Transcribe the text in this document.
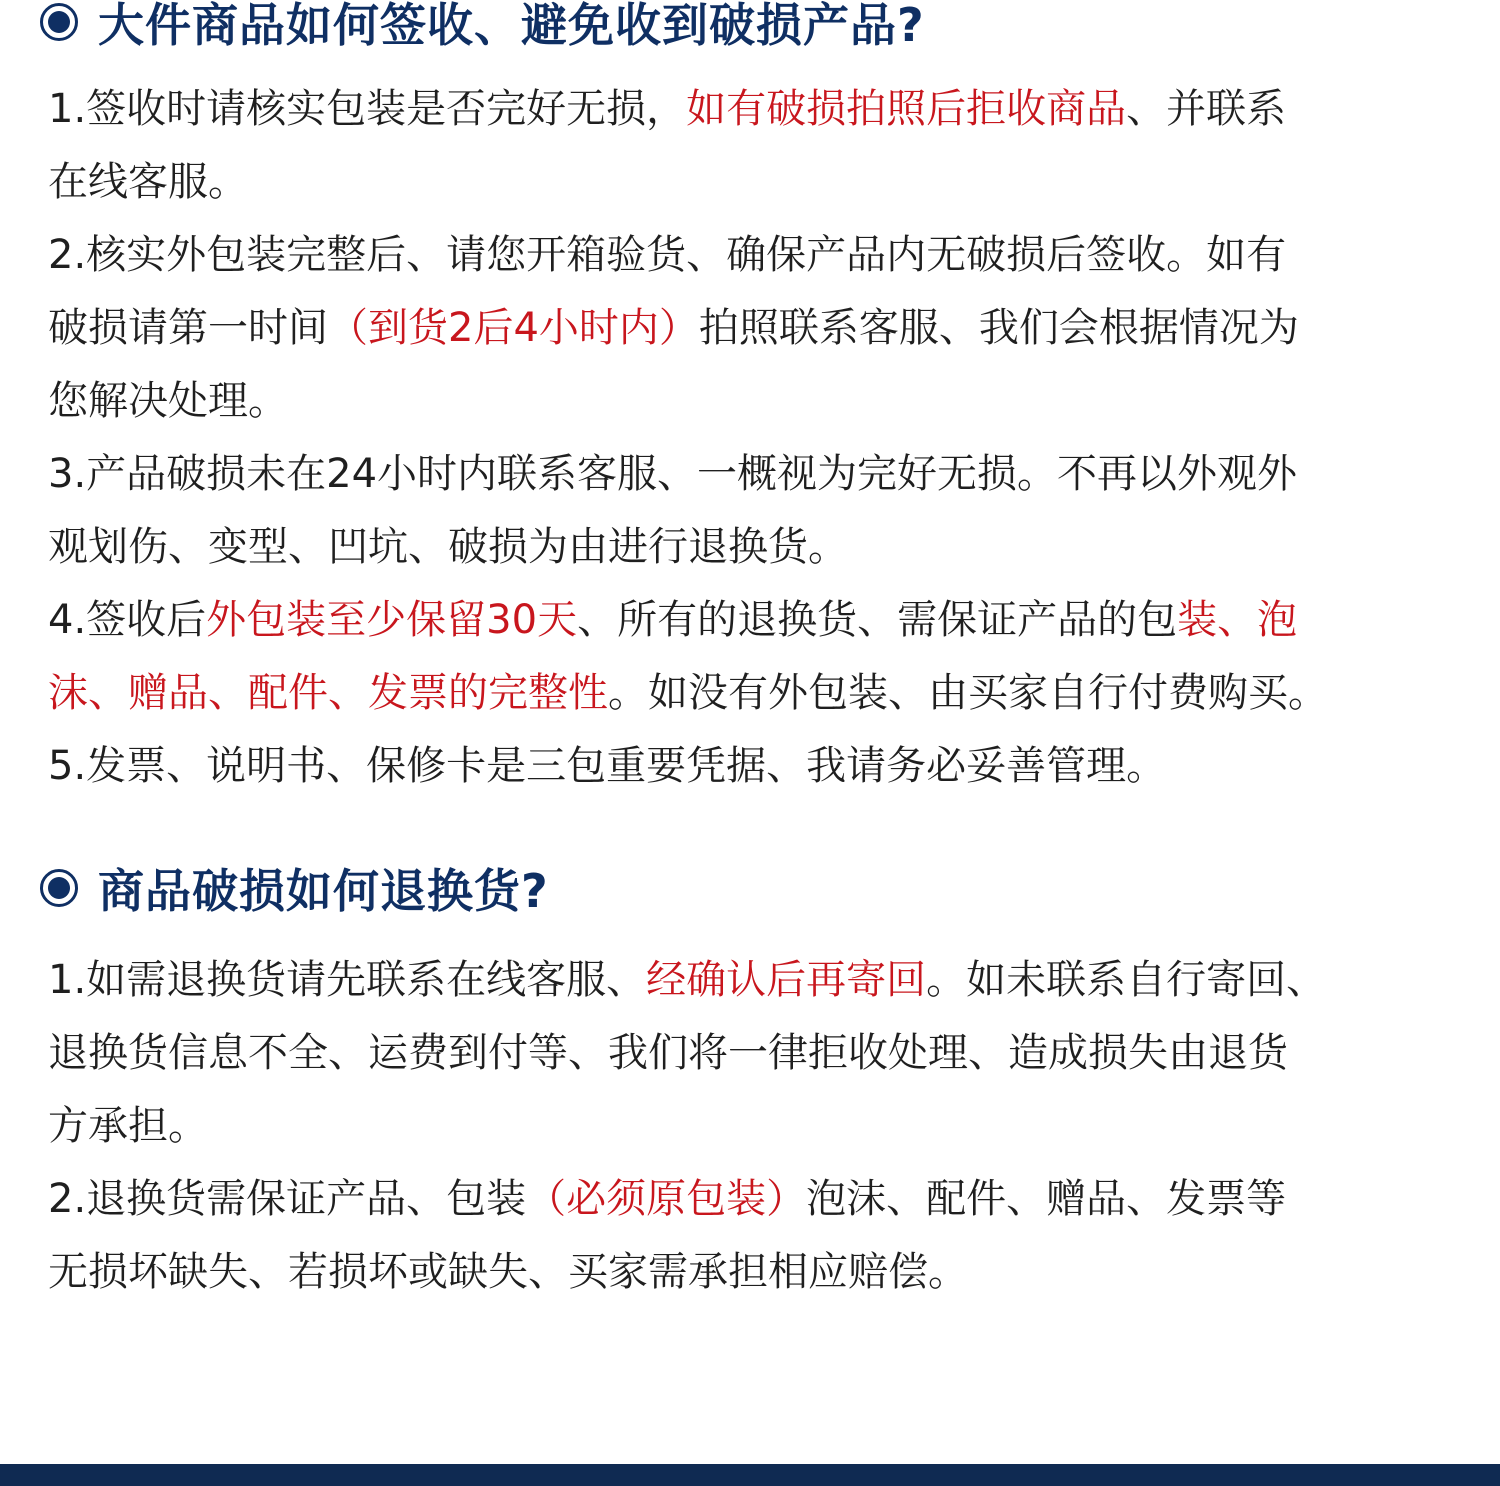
大件商品如何签收、避免收到破损产品?
1.签收时请核实包装是否完好无损，如有破损拍照后拒收商品、并联系
在线客服。
2.核实外包装完整后、请您开箱验货、确保产品内无破损后签收。如有
破损请第一时间（到货2后4小时内）拍照联系客服、我们会根据情况为
您解决处理。
3.产品破损未在24小时内联系客服、一概视为完好无损。不再以外观外
观划伤、变型、凹坑、破损为由进行退换货。
4.签收后外包装至少保留30天、所有的退换货、需保证产品的包装、泡
沫、赠品、配件、发票的完整性。如没有外包装、由买家自行付费购买。
5.发票、说明书、保修卡是三包重要凭据、我请务必妥善管理。
商品破损如何退换货?
1.如需退换货请先联系在线客服、经确认后再寄回。如未联系自行寄回、
退换货信息不全、运费到付等、我们将一律拒收处理、造成损失由退货
方承担。
2.退换货需保证产品、包装（必须原包装）泡沫、配件、赠品、发票等
无损坏缺失、若损坏或缺失、买家需承担相应赔偿。
